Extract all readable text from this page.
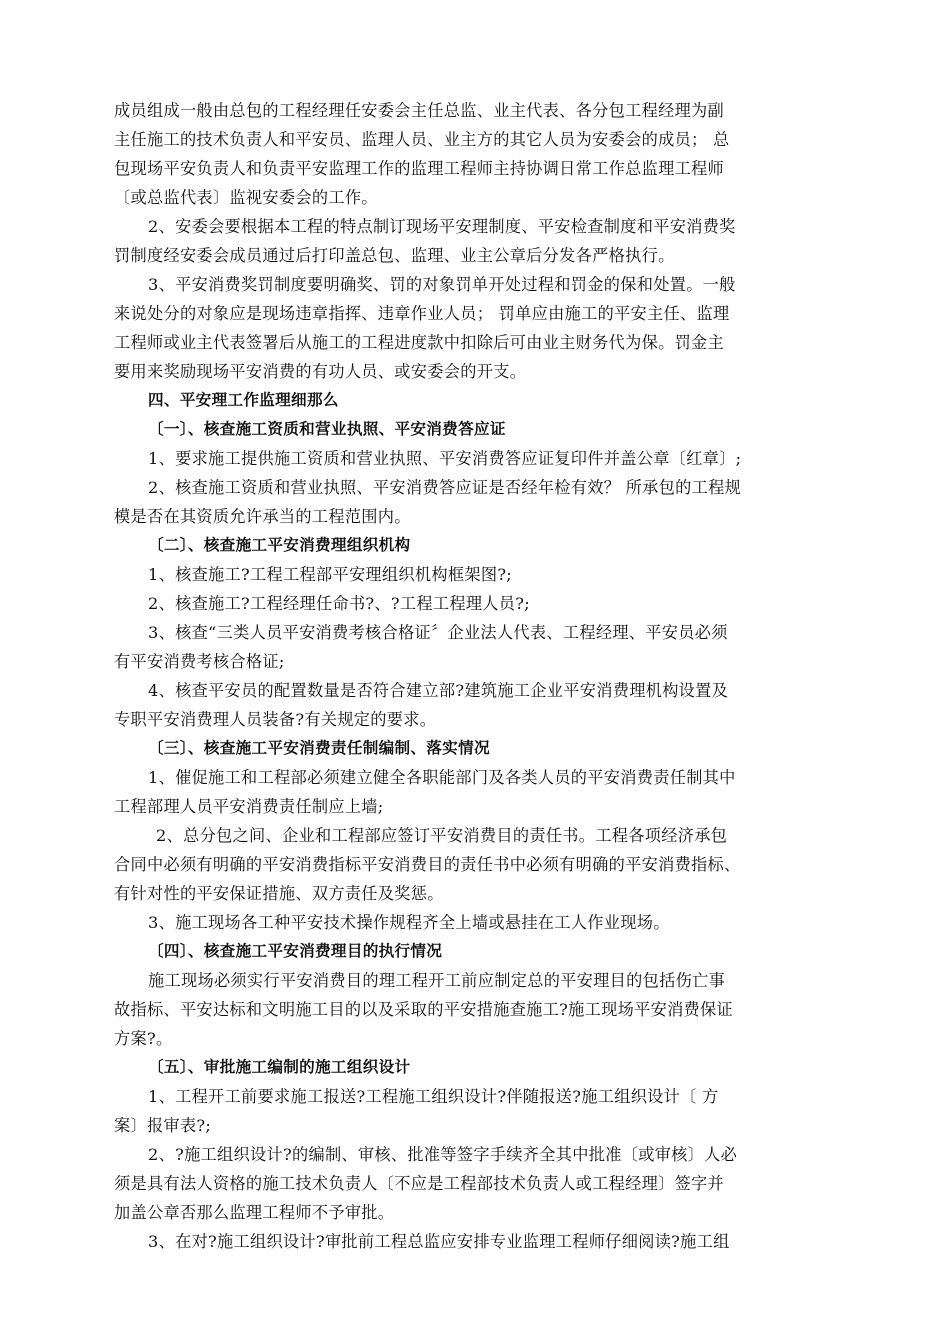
成员组成一般由总包的工程经理任安委会主任总监、业主代表、各分包工程经理为副
主任施工的技术负责人和平安员、监理人员、业主方的其它人员为安委会的成员； 总
包现场平安负责人和负责平安监理工作的监理工程师主持协调日常工作总监理工程师
〔或总监代表〕监视安委会的工作。
2、安委会要根据本工程的特点制订现场平安理制度、平安检查制度和平安消费奖
罚制度经安委会成员通过后打印盖总包、监理、业主公章后分发各严格执行。
3、平安消费奖罚制度要明确奖、罚的对象罚单开处过程和罚金的保和处置。一般
来说处分的对象应是现场违章指挥、违章作业人员； 罚单应由施工的平安主任、监理
工程师或业主代表签署后从施工的工程进度款中扣除后可由业主财务代为保。罚金主
要用来奖励现场平安消费的有功人员、或安委会的开支。
四、平安理工作监理细那么
〔一〕、核查施工资质和营业执照、平安消费答应证
1、要求施工提供施工资质和营业执照、平安消费答应证复印件并盖公章〔红章〕;
2、核查施工资质和营业执照、平安消费答应证是否经年检有效？ 所承包的工程规
模是否在其资质允许承当的工程范围内。
〔二〕、核查施工平安消费理组织机构
1、核查施工?工程工程部平安理组织机构框架图?;
2、核查施工?工程经理任命书?、?工程工程理人员?;
3、核查“三类人员平安消费考核合格证〞企业法人代表、工程经理、平安员必须
有平安消费考核合格证;
4、核查平安员的配置数量是否符合建立部?建筑施工企业平安消费理机构设置及
专职平安消费理人员装备?有关规定的要求。
〔三〕、核查施工平安消费责任制编制、落实情况
1、催促施工和工程部必须建立健全各职能部门及各类人员的平安消费责任制其中
工程部理人员平安消费责任制应上墙;
2、总分包之间、企业和工程部应签订平安消费目的责任书。工程各项经济承包
合同中必须有明确的平安消费指标平安消费目的责任书中必须有明确的平安消费指标、
有针对性的平安保证措施、双方责任及奖惩。
3、施工现场各工种平安技术操作规程齐全上墙或悬挂在工人作业现场。
〔四〕、核查施工平安消费理目的执行情况
施工现场必须实行平安消费目的理工程开工前应制定总的平安理目的包括伤亡事
故指标、平安达标和文明施工目的以及采取的平安措施查施工?施工现场平安消费保证
方案?。
〔五〕、审批施工编制的施工组织设计
1、工程开工前要求施工报送?工程施工组织设计?伴随报送?施工组织设计〔 方
案〕报审表?;
2、?施工组织设计?的编制、审核、批准等签字手续齐全其中批准〔或审核〕人必
须是具有法人资格的施工技术负责人〔不应是工程部技术负责人或工程经理〕签字并
加盖公章否那么监理工程师不予审批。
3、在对?施工组织设计?审批前工程总监应安排专业监理工程师仔细阅读?施工组
